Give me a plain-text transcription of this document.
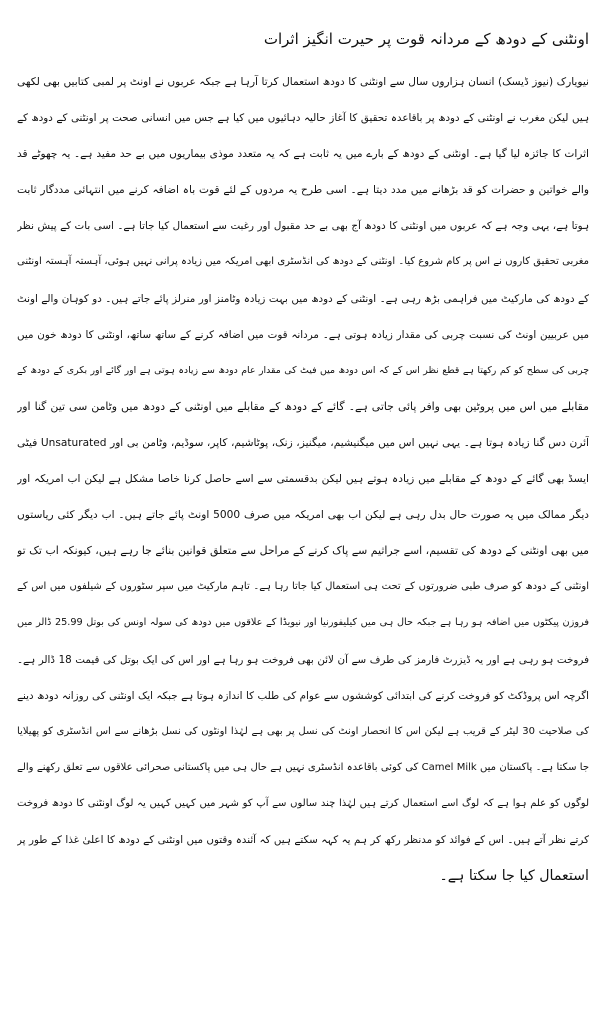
اونٹنی کے دودھ کے مردانہ قوت پر حیرت انگیز اثرات
نیویارک (نیوز ڈیسک) انسان ہزاروں سال سے اونٹنی کا دودھ استعمال کرتا آرہا ہے جبکہ عربوں نے اونٹ پر لمبی کتابیں بھی لکھی
ہیں لیکن مغرب نے اونٹنی کے دودھ پر باقاعدہ تحقیق کا آغاز حالیہ دہائیوں میں کیا ہے جس میں انسانی صحت پر اونٹنی کے دودھ کے
اثرات کا جائزہ لیا گیا ہے۔ اونٹنی کے دودھ کے بارے میں یہ ثابت ہے کہ یہ متعدد موذی بیماریوں میں بے حد مفید ہے۔ یہ چھوٹے قد
والے خواتین و حضرات کو قد بڑھانے میں مدد دیتا ہے۔ اسی طرح یہ مردوں کے لئے قوت باہ اضافہ کرنے میں انتہائی مددگار ثابت
ہوتا ہے، یہی وجہ ہے کہ عربوں میں اونٹنی کا دودھ آج بھی بے حد مقبول اور رغبت سے استعمال کیا جاتا ہے۔ اسی بات کے پیش نظر
مغربی تحقیق کاروں نے اس پر کام شروع کیا۔ اونٹنی کے دودھ کی انڈسٹری ابھی امریکہ میں زیادہ پرانی نہیں ہوئی، آہستہ آہستہ اونٹنی
کے دودھ کی مارکیٹ میں فراہمی بڑھ رہی ہے۔ اونٹنی کے دودھ میں بہت زیادہ وٹامنز اور منرلز پائے جاتے ہیں۔ دو کوہان والے اونٹ
میں عربیین اونٹ کی نسبت چربی کی مقدار زیادہ ہوتی ہے۔ مردانہ قوت میں اضافہ کرنے کے ساتھ ساتھ، اونٹنی کا دودھ خون میں
چربی کی سطح کو کم رکھتا ہے قطع نظر اس کے کہ اس دودھ میں فیٹ کی مقدار عام دودھ سے زیادہ ہوتی ہے اور گائے اور بکری کے دودھ کے
مقابلے میں اس میں پروٹین بھی وافر پائی جاتی ہے۔ گائے کے دودھ کے مقابلے میں اونٹنی کے دودھ میں وٹامن سی تین گنا اور
آئرن دس گنا زیادہ ہوتا ہے۔ یہی نہیں اس میں میگنیشیم، میگنیز، زنک، پوٹاشیم، کاپر، سوڈیم، وٹامن بی اور Unsaturated فیٹی
ایسڈ بھی گائے کے دودھ کے مقابلے میں زیادہ ہوتے ہیں لیکن بدقسمتی سے اسے حاصل کرنا خاصا مشکل ہے لیکن اب امریکہ اور
دیگر ممالک میں یہ صورت حال بدل رہی ہے لیکن اب بھی امریکہ میں صرف 5000 اونٹ پائے جاتے ہیں۔ اب دیگر کئی ریاستوں
میں بھی اونٹنی کے دودھ کی تقسیم، اسے جراثیم سے پاک کرنے کے مراحل سے متعلق قوانین بنائے جا رہے ہیں، کیونکہ اب تک تو
اونٹنی کے دودھ کو صرف طبی ضرورتوں کے تحت ہی استعمال کیا جاتا رہا ہے۔ تاہم مارکیٹ میں سپر سٹوروں کے شیلفوں میں اس کے
فروزن پیکٹوں میں اضافہ ہو رہا ہے جبکہ حال ہی میں کیلیفورنیا اور نیویڈا کے علاقوں میں دودھ کی سولہ اونس کی بوتل 25.99 ڈالر میں
فروخت ہو رہی ہے اور یہ ڈیزرٹ فارمز کی طرف سے آن لائن بھی فروخت ہو رہا ہے اور اس کی ایک بوتل کی قیمت 18 ڈالر ہے۔
اگرچہ اس پروڈکٹ کو فروخت کرنے کی ابتدائی کوششوں سے عوام کی طلب کا اندازہ ہوتا ہے جبکہ ایک اونٹنی کی روزانہ دودھ دینے
کی صلاحیت 30 لیٹر کے قریب ہے لیکن اس کا انحصار اونٹ کی نسل پر بھی ہے لہٰذا اونٹوں کی نسل بڑھانے سے اس انڈسٹری کو پھیلایا
جا سکتا ہے۔ پاکستان میں Camel Milk کی کوئی باقاعدہ انڈسٹری نہیں ہے حال ہی میں پاکستانی صحرائی علاقوں سے تعلق رکھنے والے
لوگوں کو علم ہوا ہے کہ لوگ اسے استعمال کرتے ہیں لہٰذا چند سالوں سے آپ کو شہر میں کہیں کہیں یہ لوگ اونٹنی کا دودھ فروخت
کرتے نظر آتے ہیں۔ اس کے فوائد کو مدنظر رکھ کر ہم یہ کہہ سکتے ہیں کہ آئندہ وقتوں میں اونٹنی کے دودھ کا اعلیٰ غذا کے طور پر
استعمال کیا جا سکتا ہے۔
